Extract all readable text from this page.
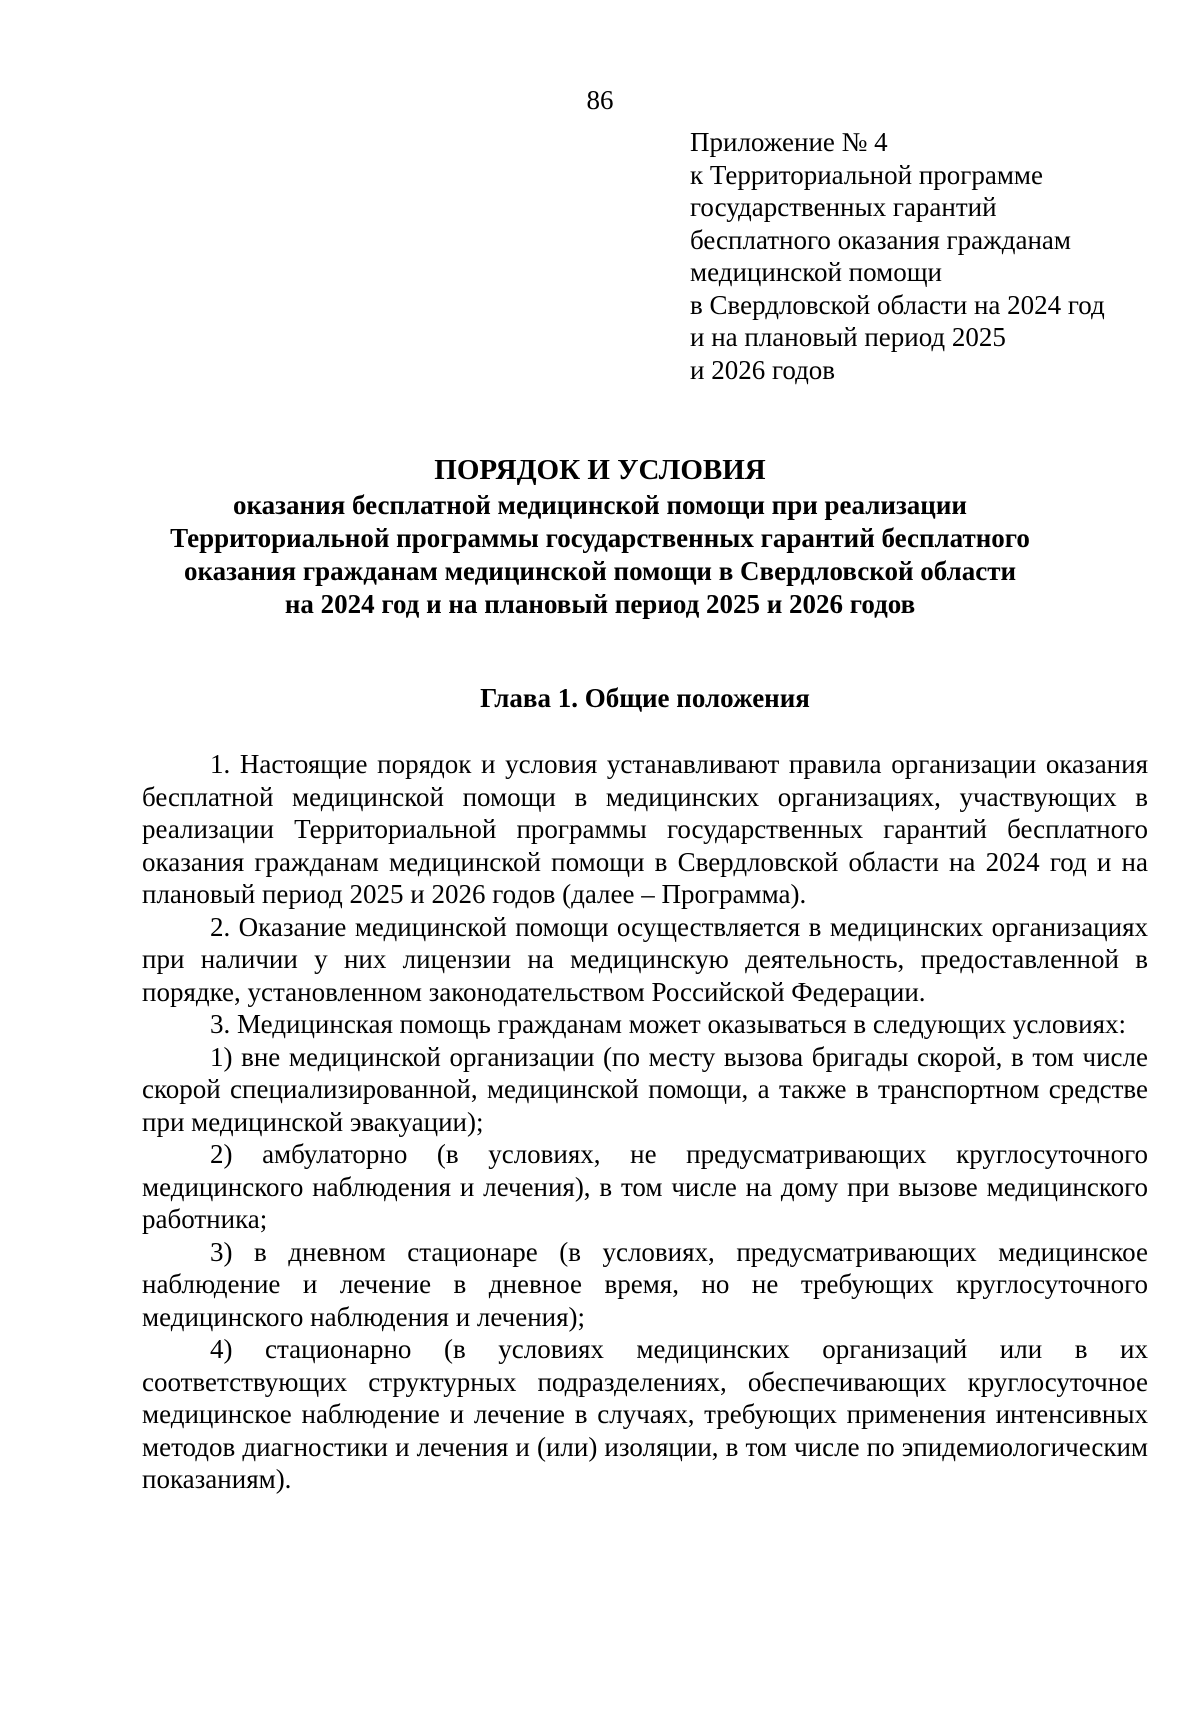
86
Приложение № 4
к Территориальной программе
государственных гарантий
бесплатного оказания гражданам
медицинской помощи
в Свердловской области на 2024 год
и на плановый период 2025
и 2026 годов
ПОРЯДОК И УСЛОВИЯ
оказания бесплатной медицинской помощи при реализации
Территориальной программы государственных гарантий бесплатного
оказания гражданам медицинской помощи в Свердловской области
на 2024 год и на плановый период 2025 и 2026 годов
Глава 1. Общие положения

1. Настоящие порядок и условия устанавливают правила организации оказания бесплатной медицинской помощи в медицинских организациях, участвующих в реализации Территориальной программы государственных гарантий бесплатного оказания гражданам медицинской помощи в Свердловской области на 2024 год и на плановый период 2025 и 2026 годов (далее – Программа).

2. Оказание медицинской помощи осуществляется в медицинских организациях при наличии у них лицензии на медицинскую деятельность, предоставленной в порядке, установленном законодательством Российской Федерации.

3. Медицинская помощь гражданам может оказываться в следующих условиях:

1) вне медицинской организации (по месту вызова бригады скорой, в том числе скорой специализированной, медицинской помощи, а также в транспортном средстве при медицинской эвакуации);

2) амбулаторно (в условиях, не предусматривающих круглосуточного медицинского наблюдения и лечения), в том числе на дому при вызове медицинского работника;

3) в дневном стационаре (в условиях, предусматривающих медицинское наблюдение и лечение в дневное время, но не требующих круглосуточного медицинского наблюдения и лечения);

4) стационарно (в условиях медицинских организаций или в их соответствующих структурных подразделениях, обеспечивающих круглосуточное медицинское наблюдение и лечение в случаях, требующих применения интенсивных методов диагностики и лечения и (или) изоляции, в том числе по эпидемиологическим показаниям).
